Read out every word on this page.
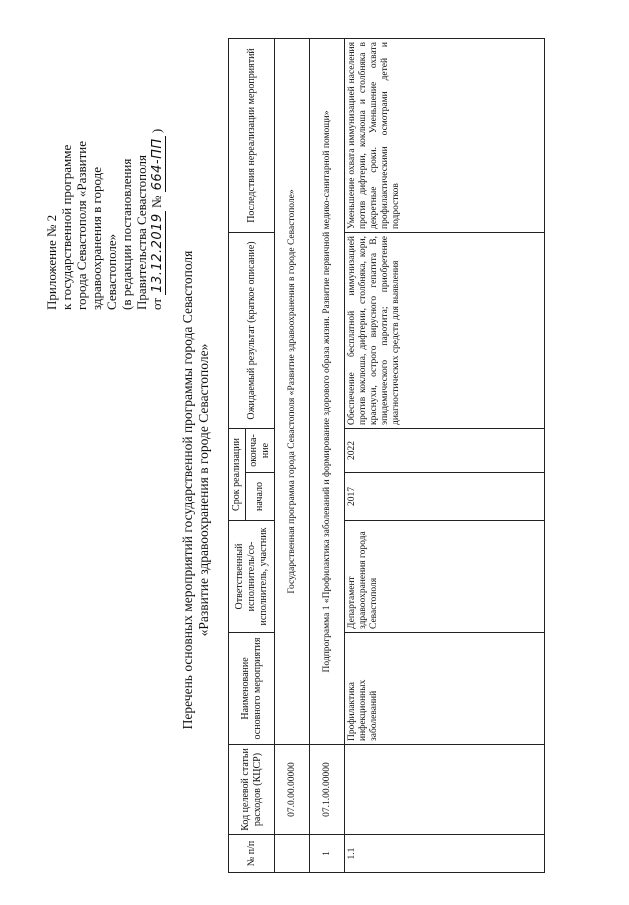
Приложение № 2 к государственной программе города Севастополя «Развитие здравоохранения в городе Севастополе» (в редакции постановления Правительства Севастополя от 13.12.2019 № 664-ПП )
Перечень основных мероприятий государственной программы города Севастополя «Развитие здравоохранения в городе Севастополе»
№ п/п	Код целевой статьи расходов (КЦСР)	Наименование основного мероприятия	Ответственный исполнитель/со-исполнитель, участник	Срок реализации		Ожидаемый результат (краткое описание)	Последствия нереализации мероприятий
				начало	оконча-ние		
	07.0.00.00000	Государственная программа города Севастополя «Развитие здравоохранения в городе Севастополе»					
1	07.1.00.00000	Подпрограмма 1 «Профилактика заболеваний и формирование здорового образа жизни. Развитие первичной медико-санитарной помощи»					
1.1		Профилактика инфекционных заболеваний	Департамент здравоохранения города Севастополя	2017	2022	Обеспечение бесплатной иммунизацией против коклюша, дифтерии, столбняка, кори, краснухи, острого вирусного гепатита В, эпидемического паротита; приобретение диагностических средств для выявления	Уменьшение охвата иммунизацией населения против дифтерии, коклюша и столбняка в декретные сроки. Уменьшение охвата профилактическими осмотрами детей и подростков
